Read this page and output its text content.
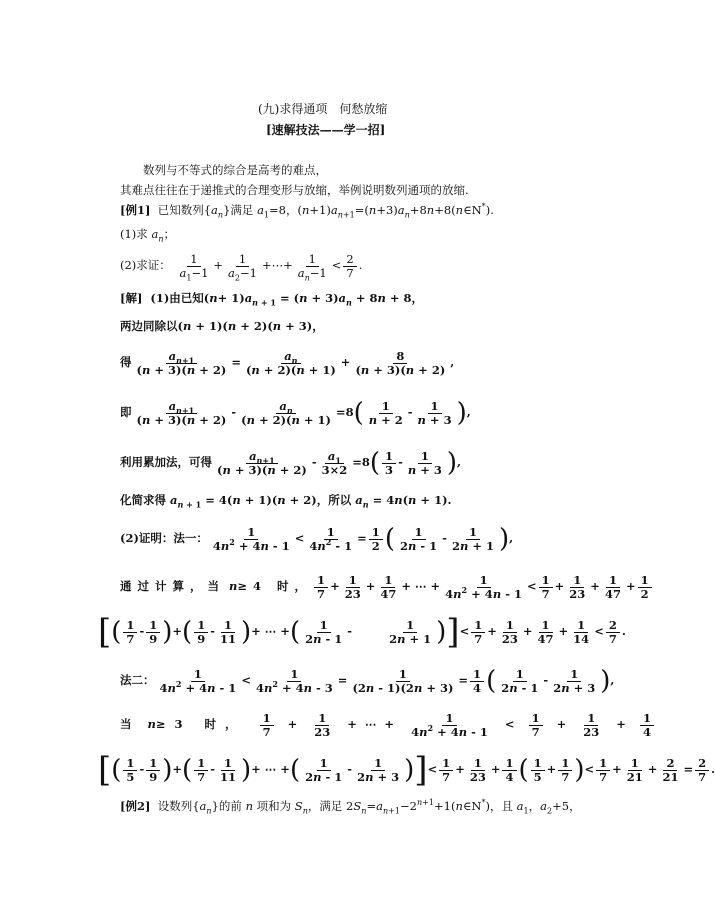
(九)求得通项　何愁放缩
[速解技法——学一招]
数列与不等式的综合是高考的难点，
其难点往往在于递推式的合理变形与放缩，举例说明数列通项的放缩.
[例1] 已知数列$\{a_n\}$满足 $a_1=8$，$(n+1)a_{n+1}=(n+3)a_n+8n+8(n\in N^*)$.
(1)求 $a_n$；
(2)求证： $\frac{1}{a_1-1} + \frac{1}{a_2-1}$ +⋯+ $\frac{1}{a_n-1} < \frac{2}{7}$ .
[解] (1)由已知$(n+ 1)a_{n + 1} = (n + 3)a_n + 8n + 8$，
两边同除以(n + 1)(n + 2)(n + 3)，
得 $\frac{a_{n+1}}{(n + 3)(n + 2)} = \frac{a_n}{(n + 2)(n + 1)} + \frac{8}{(n + 3)(n + 2)}$ ,
即 $\frac{a_{n+1}}{(n + 3)(n + 2)} - \frac{a_n}{(n + 2)(n + 1)} =8( \frac{1}{n + 2} - \frac{1}{n + 3}$ ),
利用累加法，可得 $\frac{a_{n+1}}{(n + 3)(n + 2)} - \frac{a_1}{3\times 2} =8( \frac{1}{3} - \frac{1}{n + 3}$ ),
化简求得 $a_{n + 1} = 4(n + 1)(n + 2)$，所以 $a_n = 4n(n + 1)$.
(2)证明：法一： $\frac{1}{4n^2 + 4n - 1} < \frac{1}{4n^2 - 1} = \frac{1}{2}$ ( $\frac{1}{2n - 1} - \frac{1}{2n + 1}$ ),
通过计算，当 n≥4 时， $\frac{1}{7} + \frac{1}{23} + \frac{1}{47}$ + ⋯ + $\frac{1}{4n^2 + 4n - 1} < \frac{1}{7} + \frac{1}{23} + \frac{1}{47} + \frac{1}{2}$
[( $\frac{1}{7} - \frac{1}{9}$ )+( $\frac{1}{9} - \frac{1}{11}$ )+ ⋯ +( $\frac{1}{2n - 1} - \frac{1}{2n + 1}$ )]< $\frac{1}{7} + \frac{1}{23} + \frac{1}{47} + \frac{1}{14} < \frac{2}{7}$ .
法二： $\frac{1}{4n^2 + 4n - 1} < \frac{1}{4n^2 + 4n - 3} = \frac{1}{(2n - 1)(2n + 3)} = \frac{1}{4}$ ( $\frac{1}{2n - 1} - \frac{1}{2n + 3}$ ),
当 n≥3 时， $\frac{1}{7} + \frac{1}{23}$ +  ⋯  + $\frac{1}{4n^2 + 4n - 1} < \frac{1}{7} + \frac{1}{23} + \frac{1}{4}$
[( $\frac{1}{5} - \frac{1}{9}$ )+( $\frac{1}{7} - \frac{1}{11}$ )+ ⋯ +( $\frac{1}{2n - 1} - \frac{1}{2n + 3}$ )]< $\frac{1}{7} + \frac{1}{23} + \frac{1}{4}$ ( $\frac{1}{5} + \frac{1}{7}$ )< $\frac{1}{7} + \frac{1}{21} + \frac{2}{21} = \frac{2}{7}$ .
[例2] 设数列$\{a_n\}$的前 n 项和为 $S_n$，满足 $2S_n=a_{n+1}-2^{n+1}+1(n\in N^*)$，且 $a_1$，$a_2+5$，
